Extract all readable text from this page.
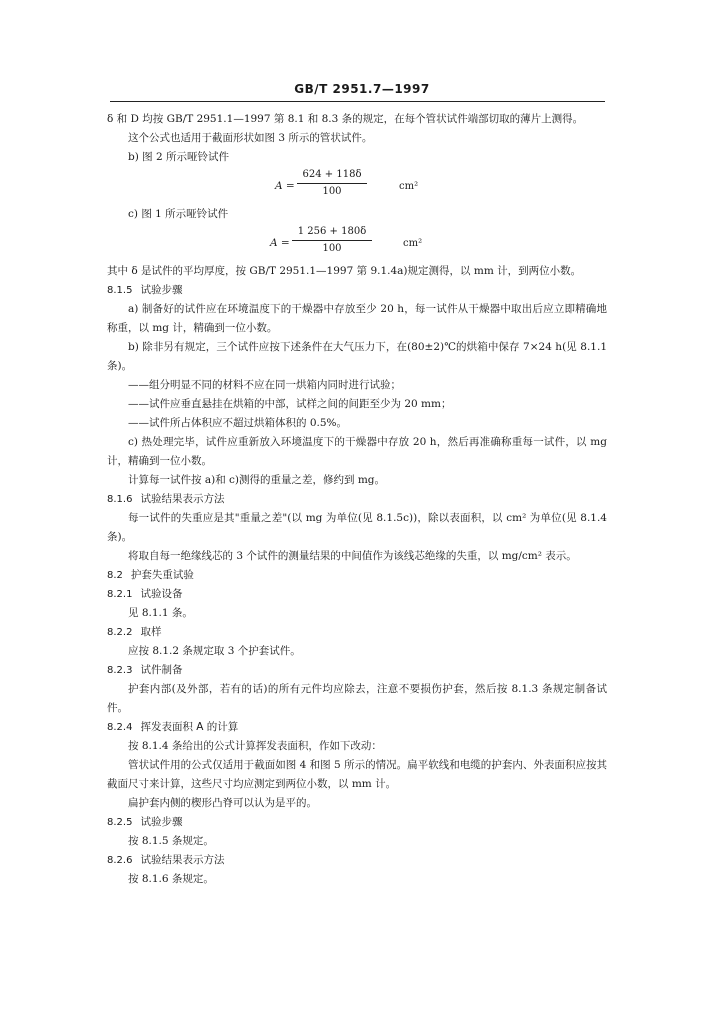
GB/T 2951.7—1997

δ 和 D 均按 GB/T 2951.1—1997 第 8.1 和 8.3 条的规定，在每个管状试件端部切取的薄片上测得。

这个公式也适用于截面形状如图 3 所示的管状试件。

b) 图 2 所示哑铃试件

$A = \frac{624 + 118\delta}{100}$	cm²

c) 图 1 所示哑铃试件

$A = \frac{1 256 + 180\delta}{100}$	cm²

其中 δ 是试件的平均厚度，按 GB/T 2951.1—1997 第 9.1.4a)规定测得，以 mm 计，到两位小数。

8.1.5 试验步骤

a) 制备好的试件应在环境温度下的干燥器中存放至少 20 h，每一试件从干燥器中取出后应立即精确地称重，以 mg 计，精确到一位小数。

b) 除非另有规定，三个试件应按下述条件在大气压力下，在(80±2)℃的烘箱中保存 7×24 h(见 8.1.1 条)。

——组分明显不同的材料不应在同一烘箱内同时进行试验；

——试件应垂直悬挂在烘箱的中部，试样之间的间距至少为 20 mm；

——试件所占体积应不超过烘箱体积的 0.5%。

c) 热处理完毕，试件应重新放入环境温度下的干燥器中存放 20 h，然后再准确称重每一试件，以 mg 计，精确到一位小数。

计算每一试件按 a)和 c)测得的重量之差，修约到 mg。

8.1.6 试验结果表示方法

每一试件的失重应是其"重量之差"(以 mg 为单位(见 8.1.5c))，除以表面积，以 cm² 为单位(见 8.1.4条)。

将取自每一绝缘线芯的 3 个试件的测量结果的中间值作为该线芯绝缘的失重，以 mg/cm² 表示。

8.2 护套失重试验

8.2.1 试验设备

见 8.1.1 条。

8.2.2 取样

应按 8.1.2 条规定取 3 个护套试件。

8.2.3 试件制备

护套内部(及外部，若有的话)的所有元件均应除去，注意不要损伤护套，然后按 8.1.3 条规定制备试件。

8.2.4 挥发表面积 A 的计算

按 8.1.4 条给出的公式计算挥发表面积，作如下改动：

管状试件用的公式仅适用于截面如图 4 和图 5 所示的情况。扁平软线和电缆的护套内、外表面积应按其截面尺寸来计算，这些尺寸均应测定到两位小数，以 mm 计。

扁护套内侧的楔形凸脊可以认为是平的。

8.2.5 试验步骤

按 8.1.5 条规定。

8.2.6 试验结果表示方法

按 8.1.6 条规定。
